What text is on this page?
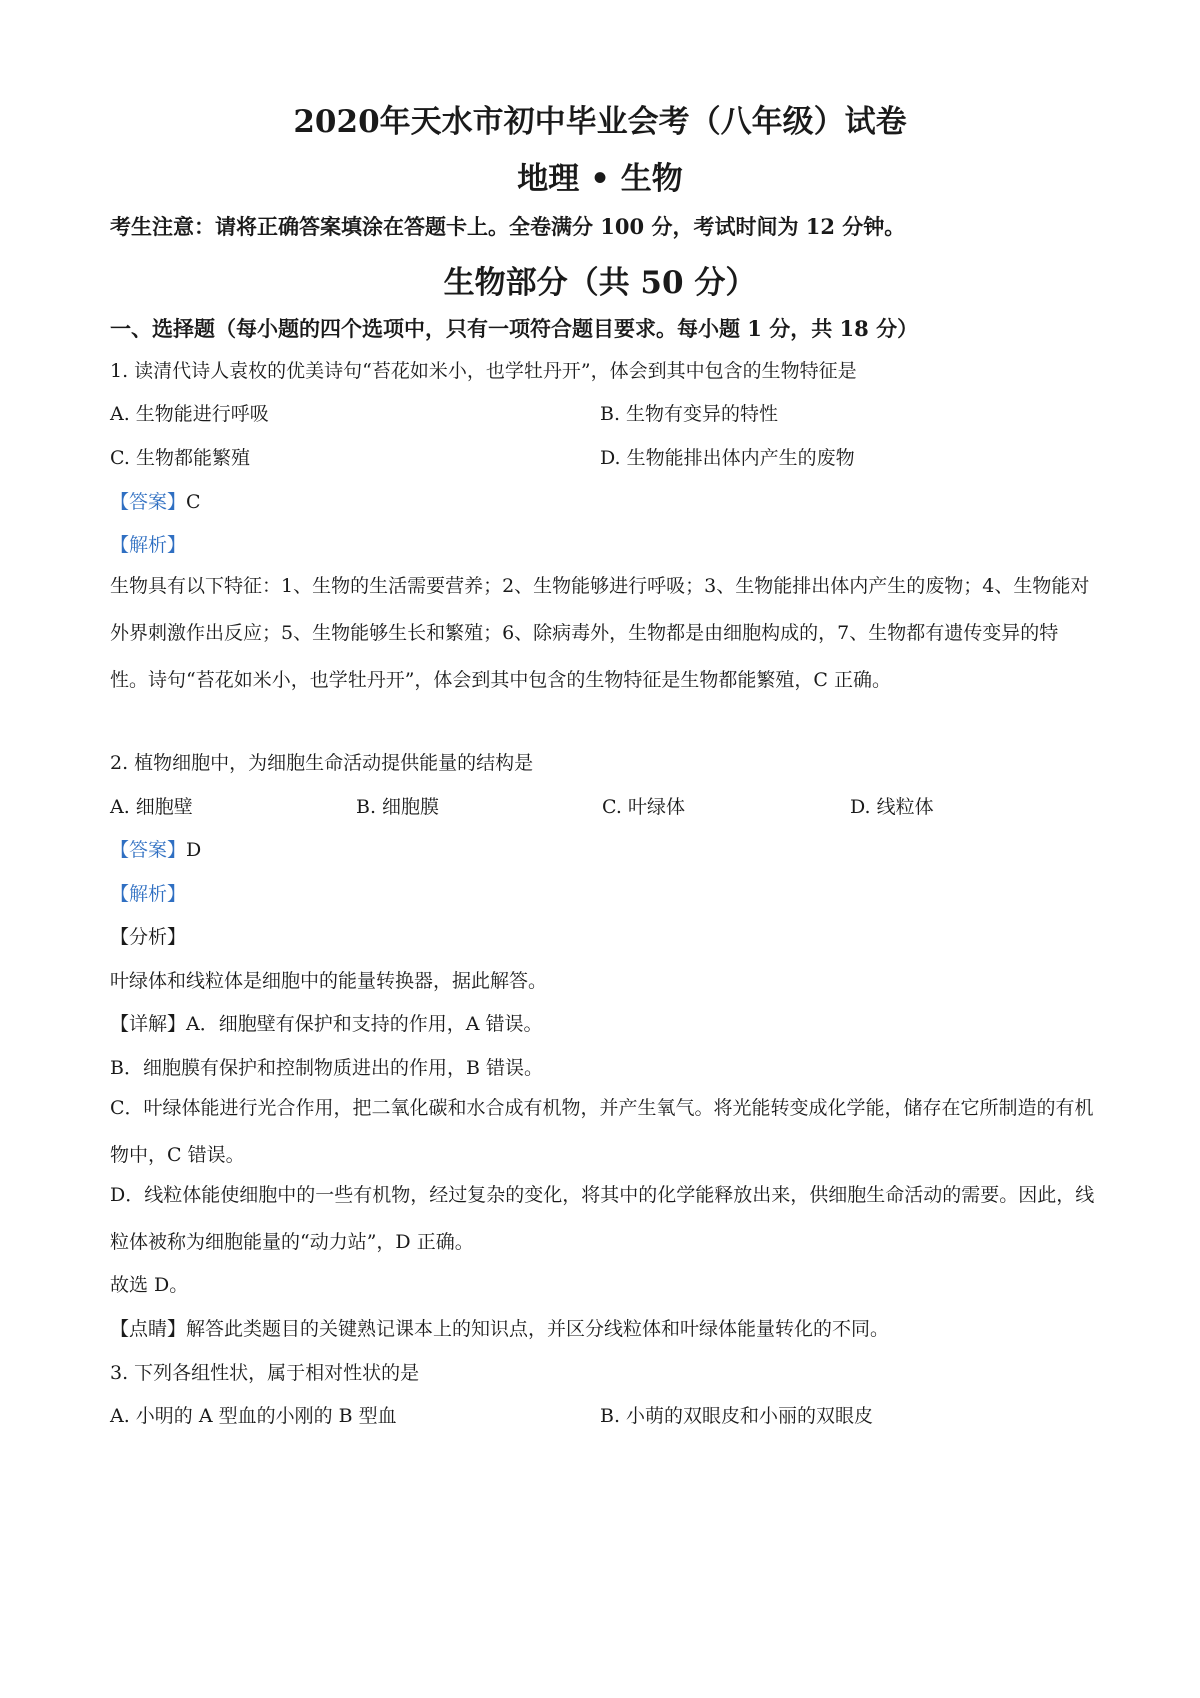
2020年天水市初中毕业会考（八年级）试卷
地理 • 生物
考生注意：请将正确答案填涂在答题卡上。全卷满分 100 分，考试时间为 12 分钟。
生物部分（共 50 分）
一、选择题（每小题的四个选项中，只有一项符合题目要求。每小题 1 分，共 18 分）
1. 读清代诗人袁枚的优美诗句“苔花如米小，也学牡丹开”，体会到其中包含的生物特征是
A. 生物能进行呼吸	B. 生物有变异的特性
C. 生物都能繁殖	D. 生物能排出体内产生的废物
【答案】C
【解析】
生物具有以下特征：1、生物的生活需要营养；2、生物能够进行呼吸；3、生物能排出体内产生的废物；4、生物能对外界刺激作出反应；5、生物能够生长和繁殖；6、除病毒外，生物都是由细胞构成的，7、生物都有遗传变异的特性。诗句“苔花如米小，也学牡丹开”，体会到其中包含的生物特征是生物都能繁殖，C 正确。
2. 植物细胞中，为细胞生命活动提供能量的结构是
A. 细胞壁	B. 细胞膜	C. 叶绿体	D. 线粒体
【答案】D
【解析】
【分析】
叶绿体和线粒体是细胞中的能量转换器，据此解答。
【详解】A．细胞壁有保护和支持的作用，A 错误。
B．细胞膜有保护和控制物质进出的作用，B 错误。
C．叶绿体能进行光合作用，把二氧化碳和水合成有机物，并产生氧气。将光能转变成化学能，储存在它所制造的有机物中，C 错误。
D．线粒体能使细胞中的一些有机物，经过复杂的变化，将其中的化学能释放出来，供细胞生命活动的需要。因此，线粒体被称为细胞能量的“动力站”，D 正确。
故选 D。
【点睛】解答此类题目的关键熟记课本上的知识点，并区分线粒体和叶绿体能量转化的不同。
3. 下列各组性状，属于相对性状的是
A. 小明的 A 型血的小刚的 B 型血	B. 小萌的双眼皮和小丽的双眼皮
